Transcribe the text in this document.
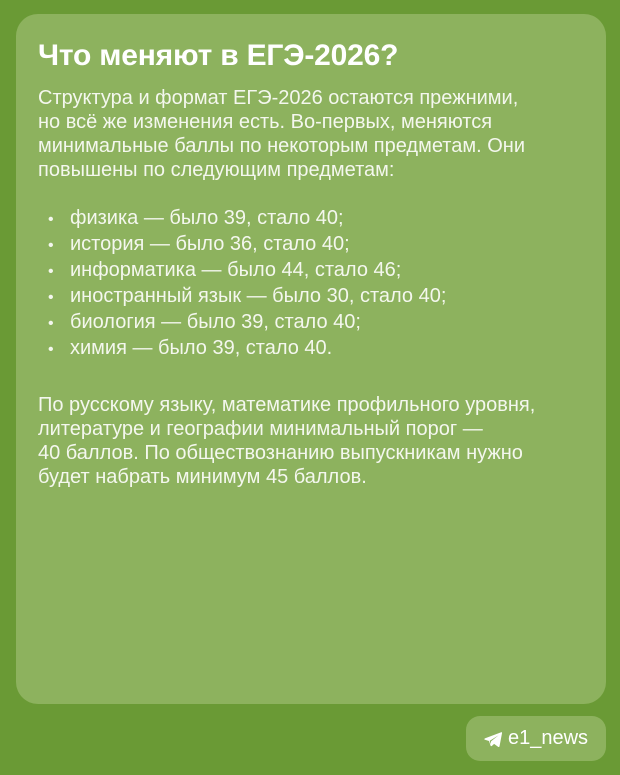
Что меняют в ЕГЭ-2026?

Структура и формат ЕГЭ-2026 остаются прежними,
но всё же изменения есть. Во-первых, меняются
минимальные баллы по некоторым предметам. Они
повышены по следующим предметам:

• физика — было 39, стало 40;
• история — было 36, стало 40;
• информатика — было 44, стало 46;
• иностранный язык — было 30, стало 40;
• биология — было 39, стало 40;
• химия — было 39, стало 40.

По русскому языку, математике профильного уровня,
литературе и географии минимальный порог —
40 баллов. По обществознанию выпускникам нужно
будет набрать минимум 45 баллов.

e1_news
